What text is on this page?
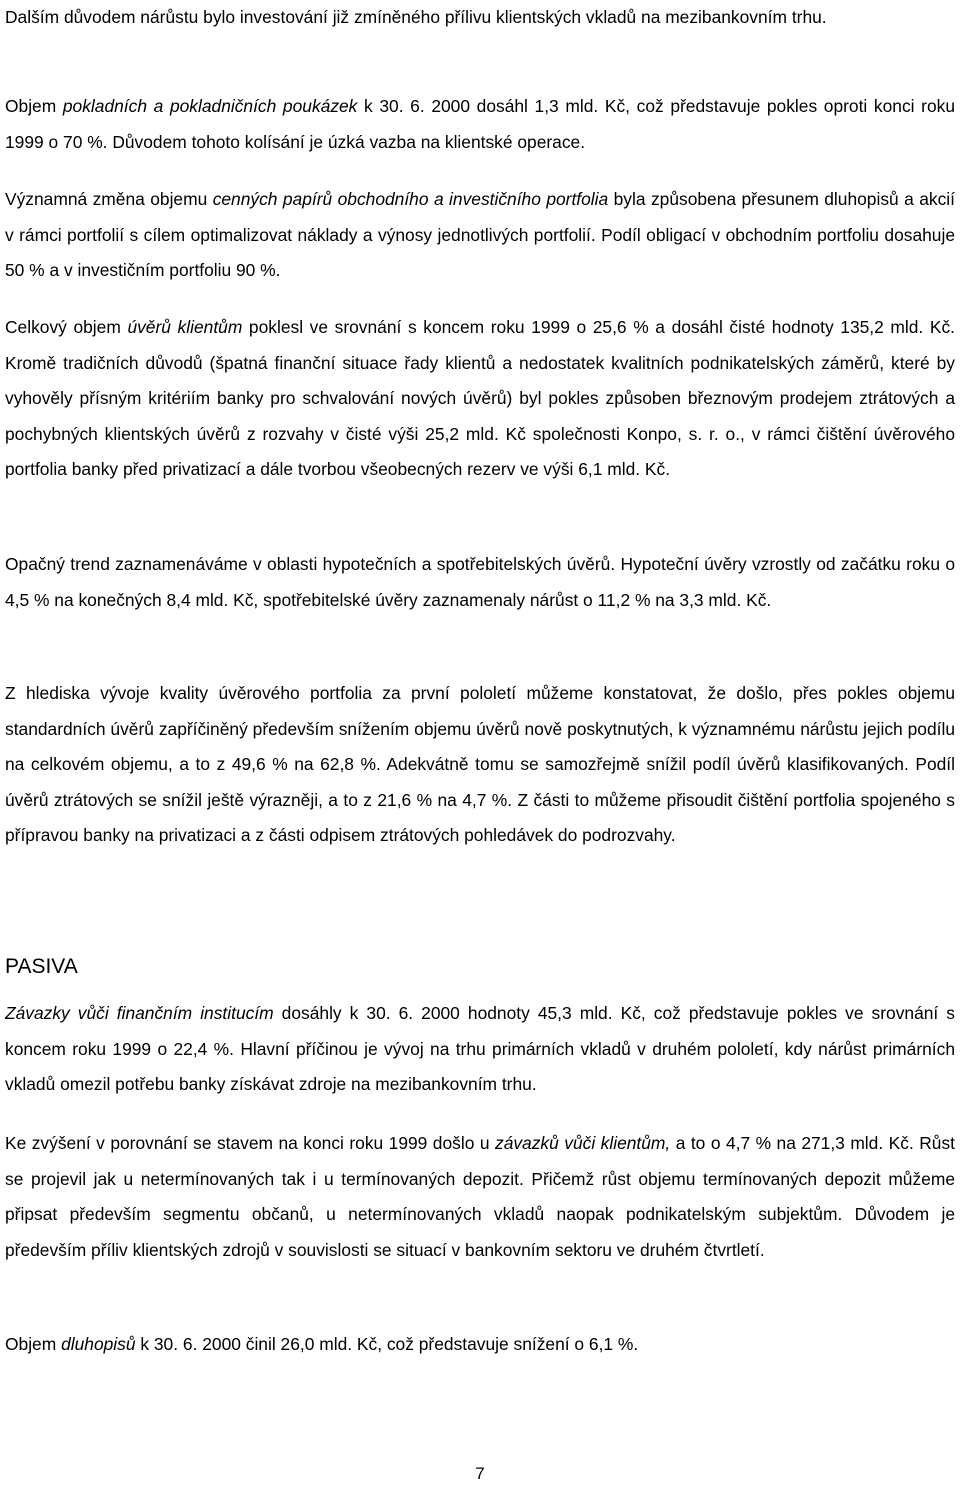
Dalším důvodem nárůstu bylo investování již zmíněného přílivu klientských vkladů na mezibankovním trhu.

Objem pokladních a pokladničních poukázek k 30. 6. 2000 dosáhl 1,3 mld. Kč, což představuje pokles oproti konci roku 1999 o 70 %. Důvodem tohoto kolísání je úzká vazba na klientské operace.

Významná změna objemu cenných papírů obchodního a investičního portfolia byla způsobena přesunem dluhopisů a akcií v rámci portfolií s cílem optimalizovat náklady a výnosy jednotlivých portfolií. Podíl obligací v obchodním portfoliu dosahuje 50 % a v investičním portfoliu 90 %.

Celkový objem úvěrů klientům poklesl ve srovnání s koncem roku 1999 o 25,6 % a dosáhl čisté hodnoty 135,2 mld. Kč. Kromě tradičních důvodů (špatná finanční situace řady klientů a nedostatek kvalitních podnikatelských záměrů, které by vyhověly přísným kritériím banky pro schvalování nových úvěrů) byl pokles způsoben březnovým prodejem ztrátových a pochybných klientských úvěrů z rozvahy v čisté výši 25,2 mld. Kč společnosti Konpo, s. r. o., v rámci čištění úvěrového portfolia banky před privatizací a dále tvorbou všeobecných rezerv ve výši 6,1 mld. Kč.

Opačný trend zaznamenáváme v oblasti hypotečních a spotřebitelských úvěrů. Hypoteční úvěry vzrostly od začátku roku o 4,5 % na konečných 8,4 mld. Kč, spotřebitelské úvěry zaznamenaly nárůst o 11,2 % na 3,3 mld. Kč.

Z hlediska vývoje kvality úvěrového portfolia za první pololetí můžeme konstatovat, že došlo, přes pokles objemu standardních úvěrů zapříčiněný především snížením objemu úvěrů nově poskytnutých, k významnému nárůstu jejich podílu na celkovém objemu, a to z 49,6 % na 62,8 %. Adekvátně tomu se samozřejmě snížil podíl úvěrů klasifikovaných. Podíl úvěrů ztrátových se snížil ještě výrazněji, a to z 21,6 % na 4,7 %. Z části to můžeme přisoudit čištění portfolia spojeného s přípravou banky na privatizaci a z části odpisem ztrátových pohledávek do podrozvahy.

PASIVA

Závazky vůči finančním institucím dosáhly k 30. 6. 2000 hodnoty 45,3 mld. Kč, což představuje pokles ve srovnání s koncem roku 1999 o 22,4 %. Hlavní příčinou je vývoj na trhu primárních vkladů v druhém pololetí, kdy nárůst primárních vkladů omezil potřebu banky získávat zdroje na mezibankovním trhu.

Ke zvýšení v porovnání se stavem na konci roku 1999 došlo u závazků vůči klientům, a to o 4,7 % na 271,3 mld. Kč. Růst se projevil jak u netermínovaných tak i u termínovaných depozit. Přičemž růst objemu termínovaných depozit můžeme připsat především segmentu občanů, u netermínovaných vkladů naopak podnikatelským subjektům. Důvodem je především příliv klientských zdrojů v souvislosti se situací v bankovním sektoru ve druhém čtvrtletí.

Objem dluhopisů k 30. 6. 2000 činil 26,0 mld. Kč, což představuje snížení o 6,1 %.

7
